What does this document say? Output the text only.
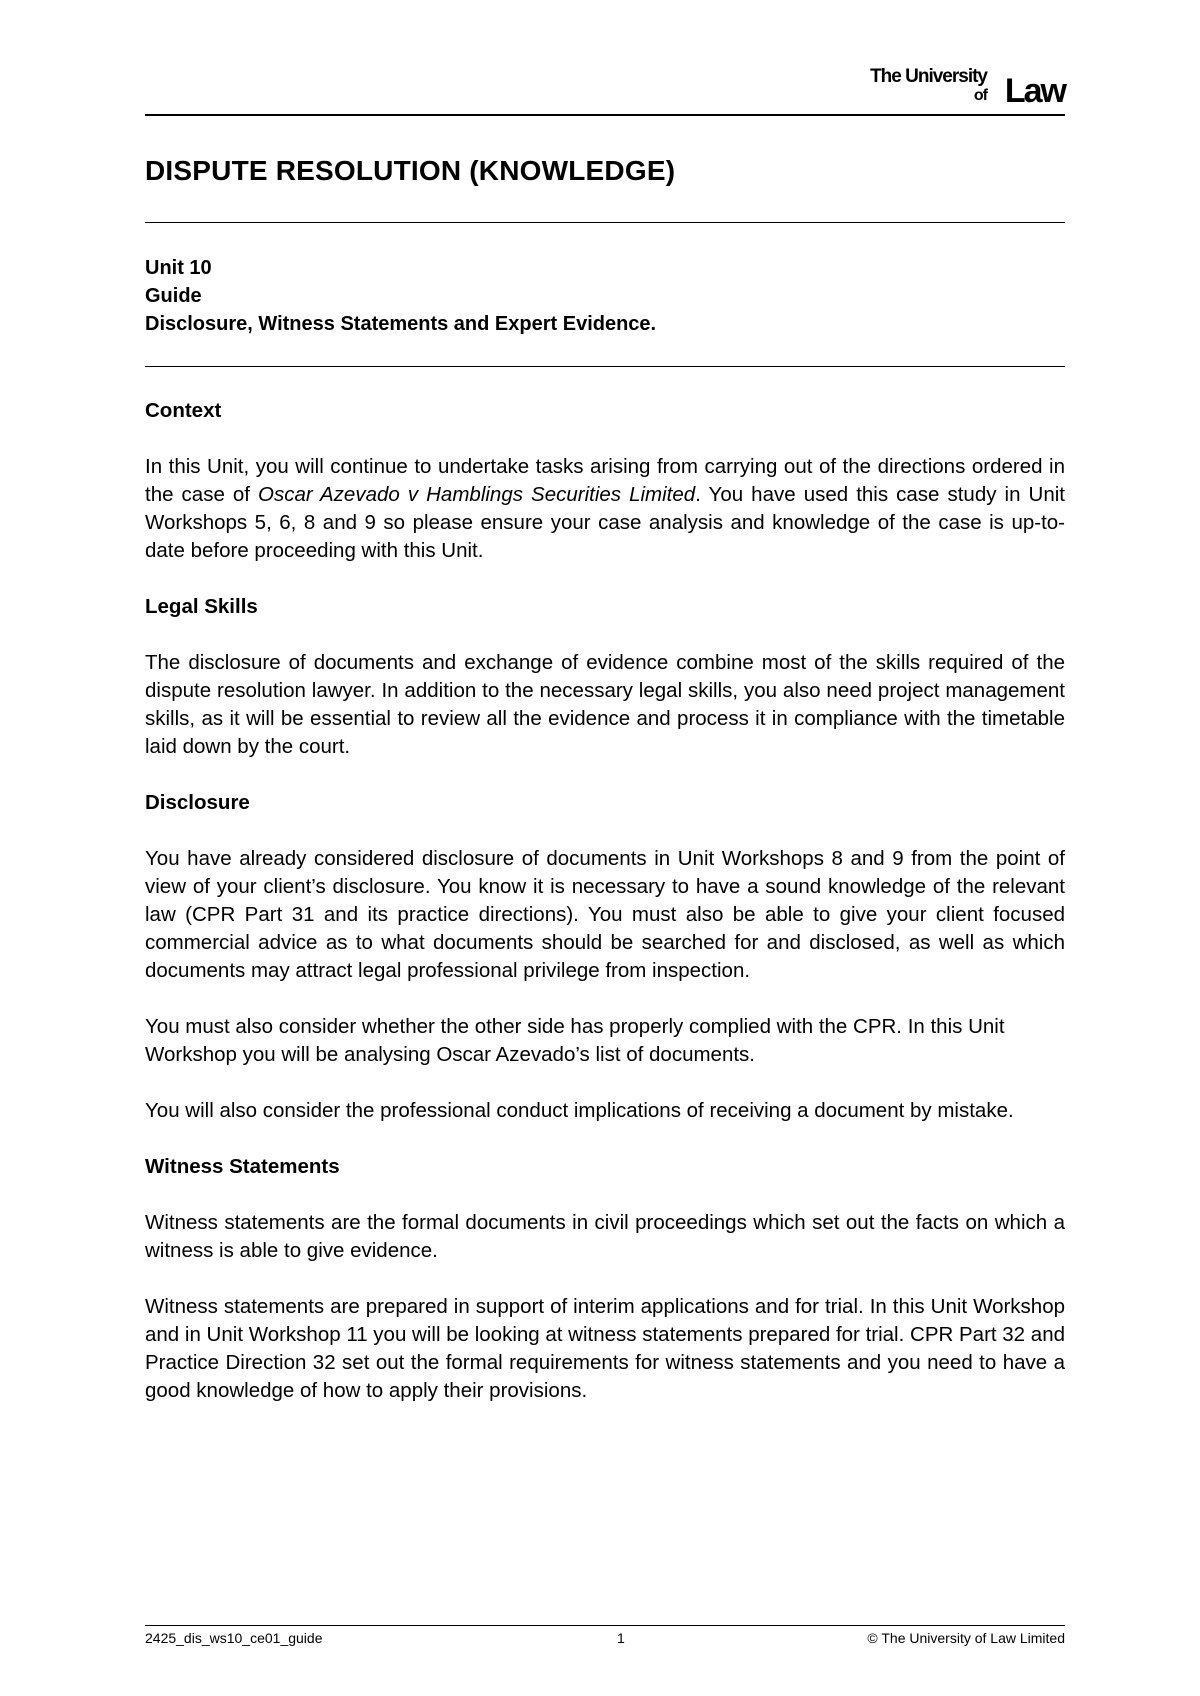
The University
of Law
DISPUTE RESOLUTION (KNOWLEDGE)
Unit 10
Guide
Disclosure, Witness Statements and Expert Evidence.
Context

In this Unit, you will continue to undertake tasks arising from carrying out of the directions ordered in the case of Oscar Azevado v Hamblings Securities Limited. You have used this case study in Unit Workshops 5, 6, 8 and 9 so please ensure your case analysis and knowledge of the case is up-to-date before proceeding with this Unit.

Legal Skills

The disclosure of documents and exchange of evidence combine most of the skills required of the dispute resolution lawyer. In addition to the necessary legal skills, you also need project management skills, as it will be essential to review all the evidence and process it in compliance with the timetable laid down by the court.

Disclosure

You have already considered disclosure of documents in Unit Workshops 8 and 9 from the point of view of your client’s disclosure. You know it is necessary to have a sound knowledge of the relevant law (CPR Part 31 and its practice directions). You must also be able to give your client focused commercial advice as to what documents should be searched for and disclosed, as well as which documents may attract legal professional privilege from inspection.

You must also consider whether the other side has properly complied with the CPR. In this Unit Workshop you will be analysing Oscar Azevado’s list of documents.

You will also consider the professional conduct implications of receiving a document by mistake.

Witness Statements

Witness statements are the formal documents in civil proceedings which set out the facts on which a witness is able to give evidence.

Witness statements are prepared in support of interim applications and for trial. In this Unit Workshop and in Unit Workshop 11 you will be looking at witness statements prepared for trial. CPR Part 32 and Practice Direction 32 set out the formal requirements for witness statements and you need to have a good knowledge of how to apply their provisions.

2425_dis_ws10_ce01_guide	1	© The University of Law Limited
